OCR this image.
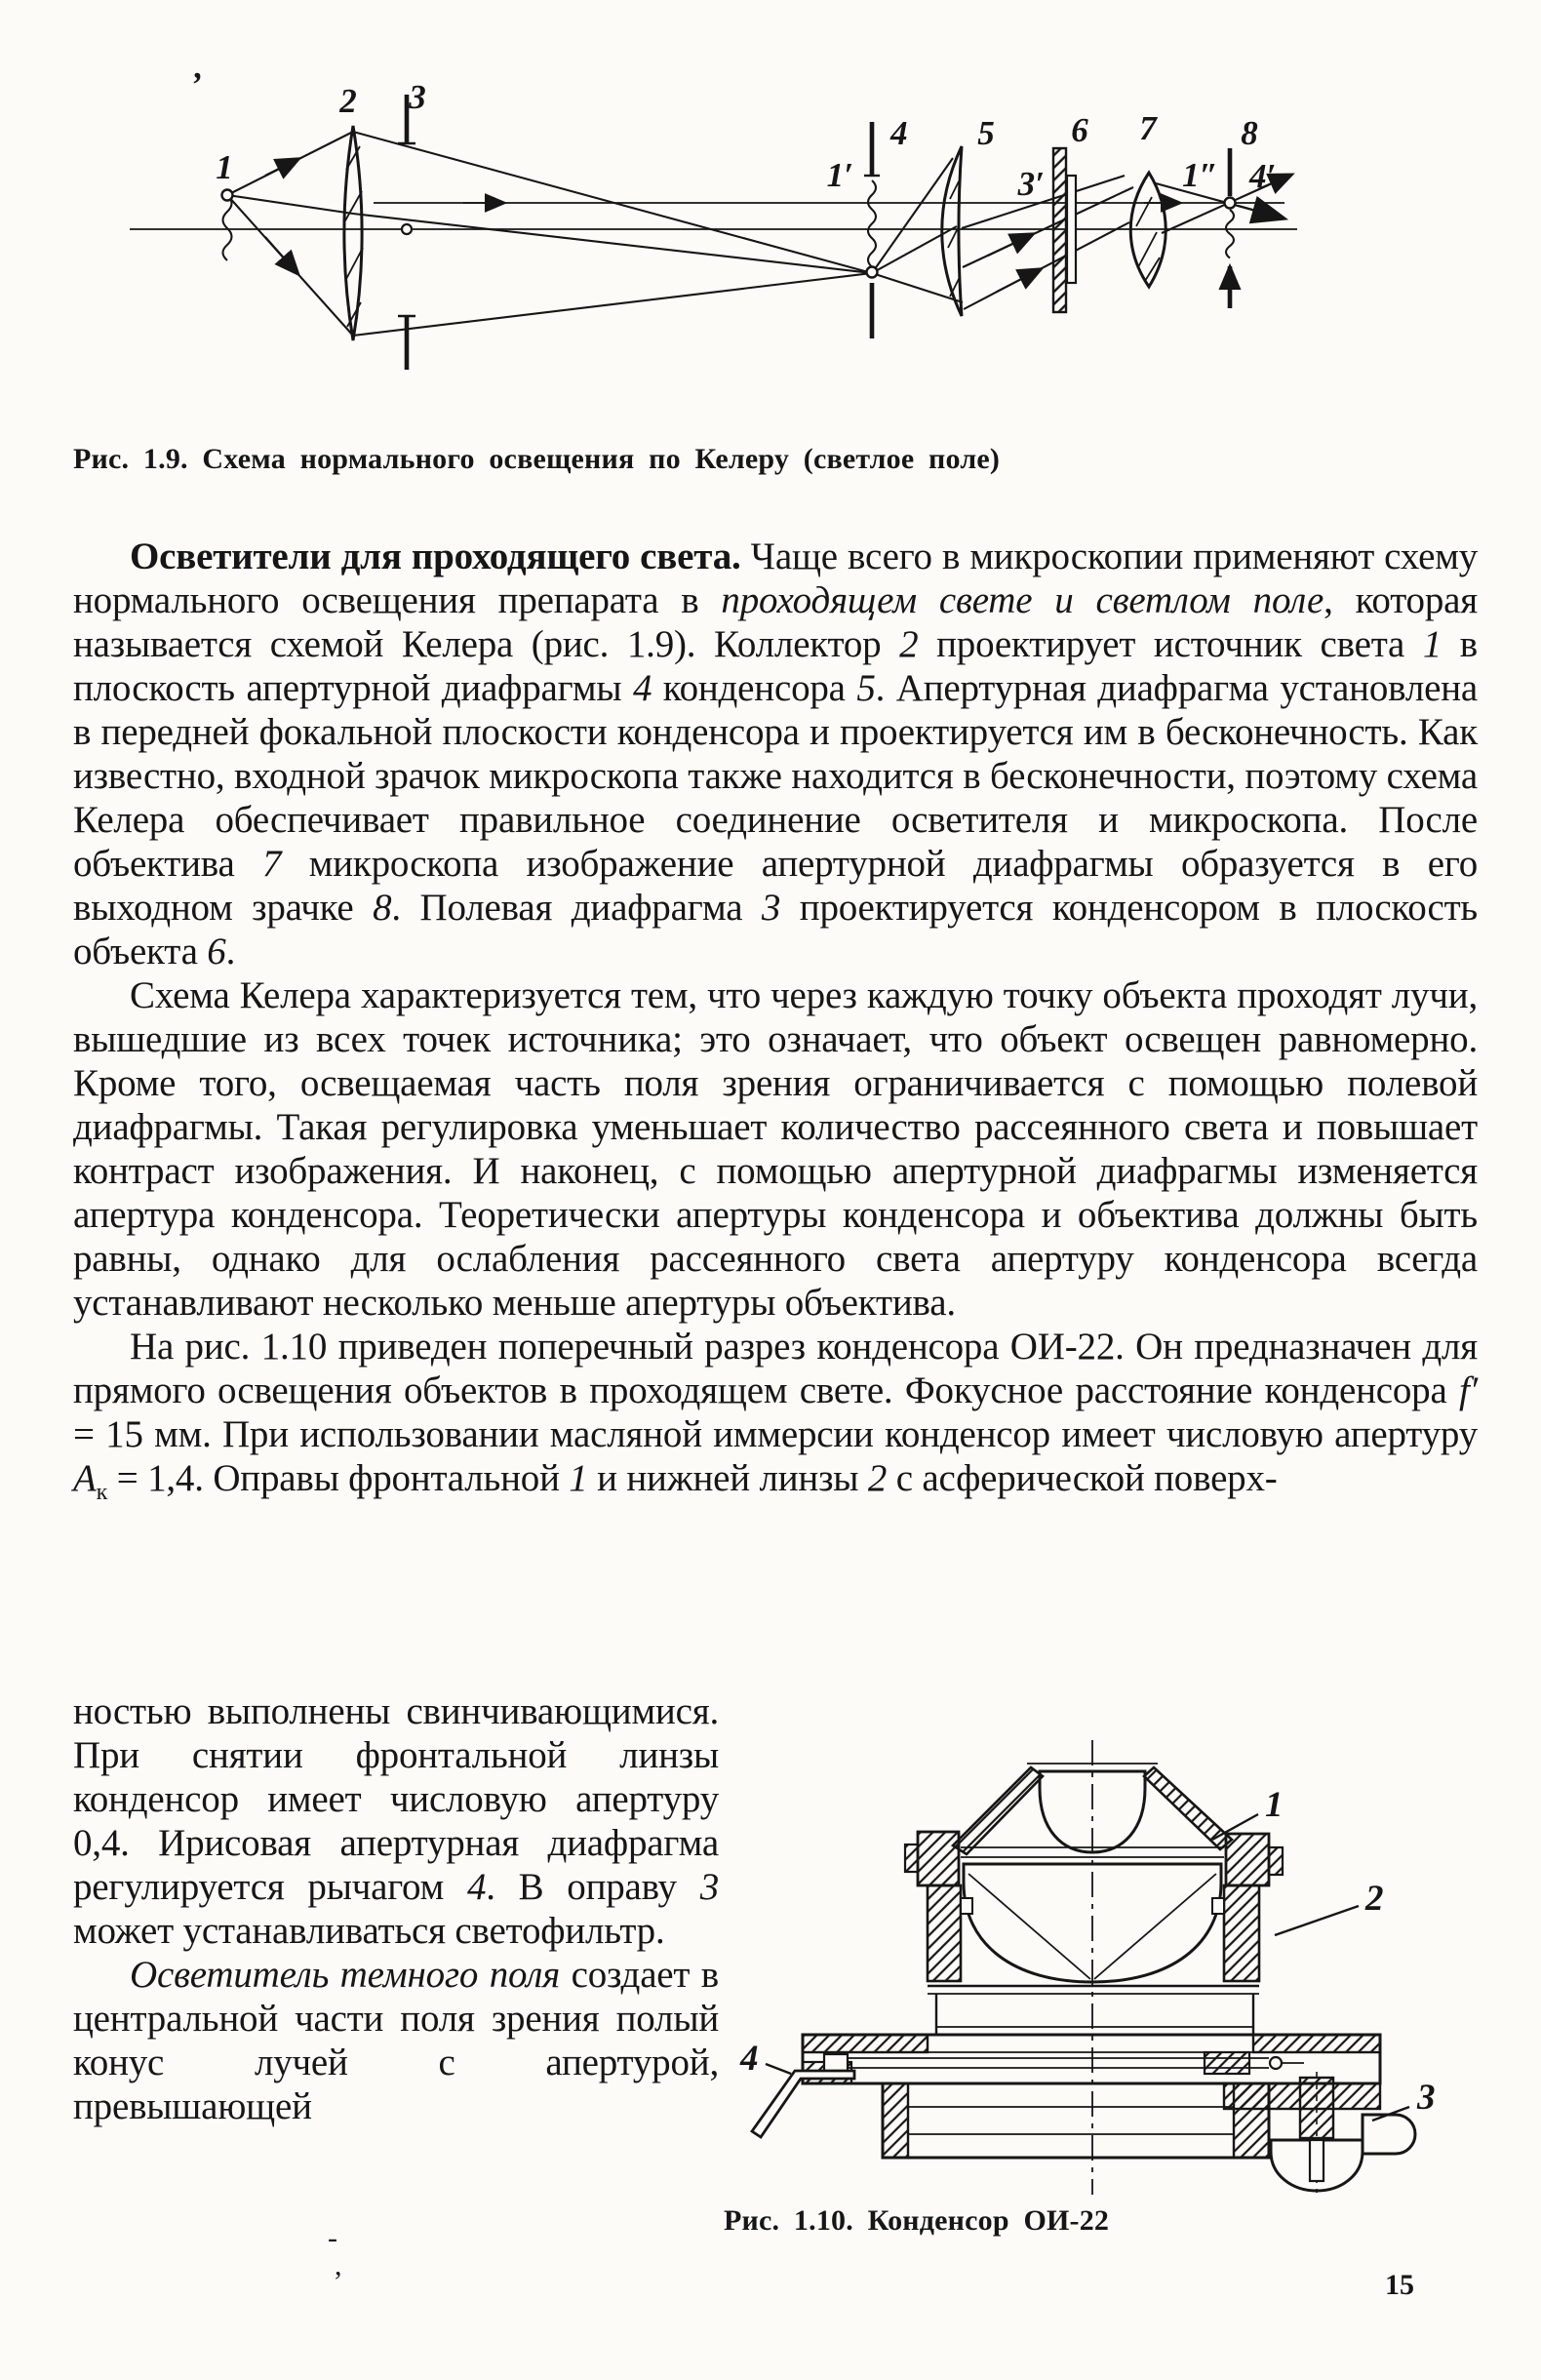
’
1
2 3
1′
4 5
3′
6 7
1″
8
4′
Рис. 1.9. Схема нормального освещения по Келеру (светлое поле)

Осветители для проходящего света. Чаще всего в микроскопии применяют схему нормального освещения препарата в проходящем свете и светлом поле, которая называется схемой Келера (рис. 1.9). Коллектор 2 проектирует источник света 1 в плоскость апертурной диафрагмы 4 конденсора 5. Апертурная диафрагма установлена в передней фокальной плоскости конденсора и проектируется им в бесконечность. Как известно, входной зрачок микроскопа также находится в бесконечности, поэтому схема Келера обеспечивает правильное соединение осветителя и микроскопа. После объектива 7 микроскопа изображение апертурной диафрагмы образуется в его выходном зрачке 8. Полевая диафрагма 3 проектируется конденсором в плоскость объекта 6.

Схема Келера характеризуется тем, что через каждую точку объекта проходят лучи, вышедшие из всех точек источника; это означает, что объект освещен равномерно. Кроме того, освещаемая часть поля зрения ограничивается с помощью полевой диафрагмы. Такая регулировка уменьшает количество рассеянного света и повышает контраст изображения. И наконец, с помощью апертурной диафрагмы изменяется апертура конденсора. Теоретически апертуры конденсора и объектива должны быть равны, однако для ослабления рассеянного света апертуру конденсора всегда устанавливают несколько меньше апертуры объектива.

На рис. 1.10 приведен поперечный разрез конденсора ОИ-22. Он предназначен для прямого освещения объектов в проходящем свете. Фокусное расстояние конденсора f′ = 15 мм. При использовании масляной иммерсии конденсор имеет числовую апертуру $A_к = 1,4$. Оправы фронтальной 1 и нижней линзы 2 с асферической поверх-

ностью выполнены свинчивающимися. При снятии фронтальной линзы конденсор имеет числовую апертуру 0,4. Ирисовая апертурная диафрагма регулируется рычагом 4. В оправу 3 может устанавливаться светофильтр.

Осветитель темного поля создает в центральной части поля зрения полый конус лучей с апертурой, превышающей

1
2
3
4
Рис. 1.10. Конденсор ОИ-22
-
,
15
